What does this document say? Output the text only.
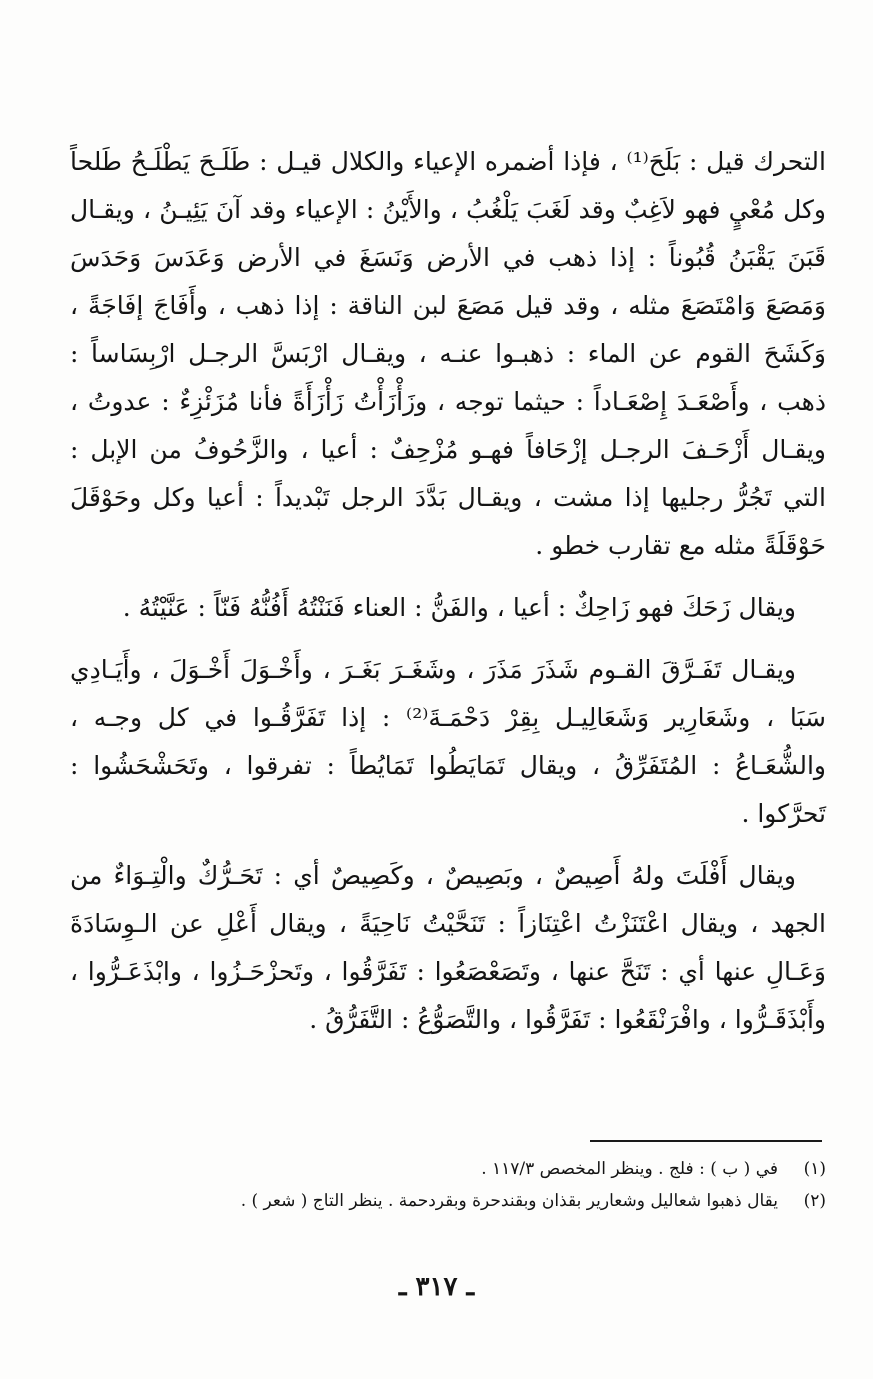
التحرك قيل : بَلَحَ⁽¹⁾ ، فإذا أضمره الإعياء والكلال قيـل : طَلَـحَ يَطْلَـحُ طَلحاً وكل مُعْيٍ فهو لاَغِبٌ وقد لَغَبَ يَلْغُبُ ، والأَيْنُ : الإعياء وقد آنَ يَئِيـنُ ، ويقـال قَبَنَ يَقْبَنُ قُبُوناً : إذا ذهب في الأرض وَنَسَغَ في الأرض وَعَدَسَ وَحَدَسَ وَمَصَعَ وَامْتَصَعَ مثله ، وقد قيل مَصَعَ لبن الناقة : إذا ذهب ، وأَفَاجَ إفَاجَةً ، وَكَشَحَ القوم عن الماء : ذهبـوا عنـه ، ويقـال ارْبَسَّ الرجـل ارْبِسَاساً : ذهب ، وأَصْعَـدَ إِصْعَـاداً : حيثما توجه ، وزَأْزَأْتُ زَأْزَأَةً فأنا مُزَئْزِءٌ : عدوتُ ، ويقـال أَزْحَـفَ الرجـل إزْحَافاً فهـو مُزْحِفٌ : أعيا ، والزَّحُوفُ من الإبل : التي تَجُرُّ رجليها إذا مشت ، ويقـال بَدَّدَ الرجل تَبْديداً : أعيا وكل وحَوْقَلَ حَوْقَلَةً مثله مع تقارب خطو .

ويقال زَحَكَ فهو زَاحِكٌ : أعيا ، والفَنُّ : العناء فَنَنْتُهُ أَفُنُّهُ فَنّاً : عَنَّيْتُهُ .

ويقـال تَفَـرَّقَ القـوم شَذَرَ مَذَرَ ، وشَغَـرَ بَغَـرَ ، وأَخْـوَلَ أَخْـوَلَ ، وأَيَـادِي سَبَا ، وشَعَارِير وَشَعَالِيـل بِقِرْ دَحْمَـةَ⁽²⁾ : إذا تَفَرَّقُـوا في كل وجـه ، والشُّعَـاعُ : المُتَفَرِّقُ ، ويقال تَمَايَطُوا تَمَايُطاً : تفرقوا ، وتَحَشْحَشُوا : تَحرَّكوا .

ويقال أَفْلَتَ ولهُ أَصِيصٌ ، وبَصِيصٌ ، وكَصِيصٌ أي : تَحَـرُّكٌ والْتِـوَاءٌ من الجهد ، ويقال اعْتَنَزْتُ اعْتِنَازاً : تَنَحَّيْتُ نَاحِيَةً ، ويقال أَعْلِ عن الـوِسَادَةَ وَعَـالِ عنها أي : تَنَحَّ عنها ، وتَصَعْصَعُوا : تَفَرَّقُوا ، وتَحزْحَـزُوا ، وابْذَعَـرُّوا ، وأَبْذَقَـرُّوا ، وافْرَنْقَعُوا : تَفَرَّقُوا ، والتَّصَوُّعُ : التَّفَرُّقُ .

(١)
في ( ب ) : فلج . وينظر المخصص ١١٧/٣ .
(٢)
يقال ذهبوا شعاليل وشعارير بقذان وبقندحرة وبقردحمة . ينظر التاج ( شعر ) .
ـ ٣١٧ ـ
